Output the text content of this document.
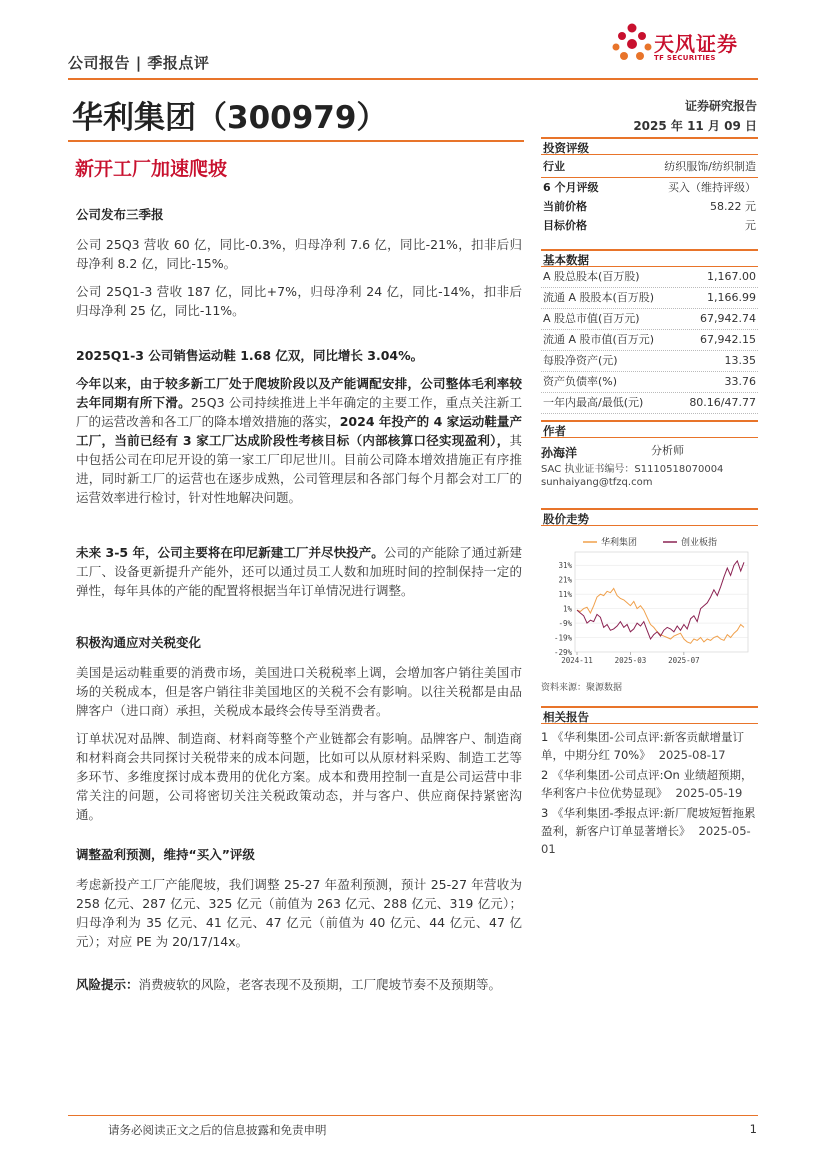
公司报告 | 季报点评
天风证券
TF SECURITIES
华利集团（300979）	证券研究报告
2025 年 11 月 09 日
新开工厂加速爬坡
公司发布三季报
公司 25Q3 营收 60 亿，同比-0.3%，归母净利 7.6 亿，同比-21%，扣非后归母净利 8.2 亿，同比-15%。
公司 25Q1-3 营收 187 亿，同比+7%，归母净利 24 亿，同比-14%，扣非后归母净利 25 亿，同比-11%。
2025Q1-3 公司销售运动鞋 1.68 亿双，同比增长 3.04%。
今年以来，由于较多新工厂处于爬坡阶段以及产能调配安排，公司整体毛利率较去年同期有所下滑。25Q3 公司持续推进上半年确定的主要工作，重点关注新工厂的运营改善和各工厂的降本增效措施的落实，2024 年投产的 4 家运动鞋量产工厂，当前已经有 3 家工厂达成阶段性考核目标（内部核算口径实现盈利），其中包括公司在印尼开设的第一家工厂印尼世川。目前公司降本增效措施正有序推进，同时新工厂的运营也在逐步成熟，公司管理层和各部门每个月都会对工厂的运营效率进行检讨，针对性地解决问题。
未来 3-5 年，公司主要将在印尼新建工厂并尽快投产。公司的产能除了通过新建工厂、设备更新提升产能外，还可以通过员工人数和加班时间的控制保持一定的弹性，每年具体的产能的配置将根据当年订单情况进行调整。
积极沟通应对关税变化
美国是运动鞋重要的消费市场，美国进口关税税率上调，会增加客户销往美国市场的关税成本，但是客户销往非美国地区的关税不会有影响。以往关税都是由品牌客户（进口商）承担，关税成本最终会传导至消费者。
订单状况对品牌、制造商、材料商等整个产业链都会有影响。品牌客户、制造商和材料商会共同探讨关税带来的成本问题，比如可以从原材料采购、制造工艺等多环节、多维度探讨成本费用的优化方案。成本和费用控制一直是公司运营中非常关注的问题，公司将密切关注关税政策动态，并与客户、供应商保持紧密沟通。
调整盈利预测，维持“买入”评级
考虑新投产工厂产能爬坡，我们调整 25-27 年盈利预测，预计 25-27 年营收为 258 亿元、287 亿元、325 亿元（前值为 263 亿元、288 亿元、319 亿元）；归母净利为 35 亿元、41 亿元、47 亿元（前值为 40 亿元、44 亿元、47 亿元）；对应 PE 为 20/17/14x。
风险提示：消费疲软的风险，老客表现不及预期，工厂爬坡节奏不及预期等。
投资评级
行业	纺织服饰/纺织制造
6 个月评级	买入（维持评级）
当前价格	58.22 元
目标价格	元
基本数据
A 股总股本(百万股)	1,167.00
流通 A 股股本(百万股)	1,166.99
A 股总市值(百万元)	67,942.74
流通 A 股市值(百万元)	67,942.15
每股净资产(元)	13.35
资产负债率(%)	33.76
一年内最高/最低(元)	80.16/47.77
作者
孙海洋	分析师
SAC 执业证书编号：S1110518070004
sunhaiyang@tfzq.com
股价走势
华利集团	创业板指
31%
21%
11%
1%
-9%
-19%
-29%
2024-11	2025-03	2025-07
资料来源：聚源数据
相关报告
1 《华利集团-公司点评:新客贡献增量订单，中期分红 70%》 2025-08-17
2 《华利集团-公司点评:On 业绩超预期，华利客户卡位优势显现》 2025-05-19
3 《华利集团-季报点评:新厂爬坡短暂拖累盈利，新客户订单显著增长》 2025-05-01
请务必阅读正文之后的信息披露和免责申明	1
